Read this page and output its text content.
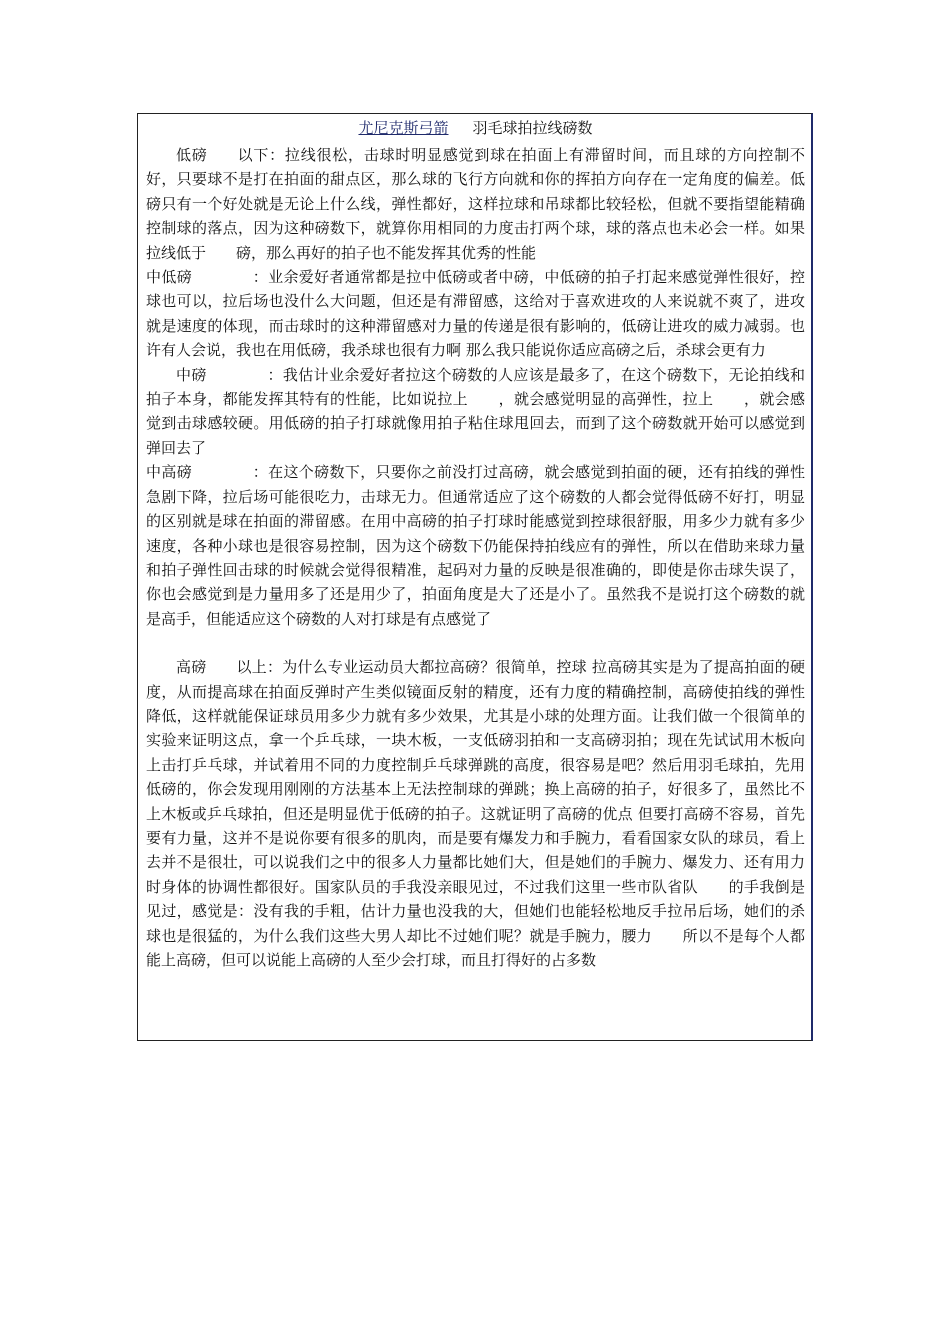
尤尼克斯弓箭 羽毛球拍拉线磅数

低磅 以下：拉线很松，击球时明显感觉到球在拍面上有滞留时间，而且球的方向控制不好，只要球不是打在拍面的甜点区，那么球的飞行方向就和你的挥拍方向存在一定角度的偏差。低磅只有一个好处就是无论上什么线，弹性都好，这样拉球和吊球都比较轻松，但就不要指望能精确控制球的落点，因为这种磅数下，就算你用相同的力度击打两个球，球的落点也未必会一样。如果拉线低于　　磅，那么再好的拍子也不能发挥其优秀的性能

中低磅　　：业余爱好者通常都是拉中低磅或者中磅，中低磅的拍子打起来感觉弹性很好，控球也可以，拉后场也没什么大问题，但还是有滞留感，这给对于喜欢进攻的人来说就不爽了，进攻就是速度的体现，而击球时的这种滞留感对力量的传递是很有影响的，低磅让进攻的威力减弱。也许有人会说，我也在用低磅，我杀球也很有力啊 那么我只能说你适应高磅之后，杀球会更有力

中磅　　：我估计业余爱好者拉这个磅数的人应该是最多了，在这个磅数下，无论拍线和拍子本身，都能发挥其特有的性能，比如说拉上　　，就会感觉明显的高弹性，拉上　　，就会感觉到击球感较硬。用低磅的拍子打球就像用拍子粘住球甩回去，而到了这个磅数就开始可以感觉到弹回去了

中高磅　　：在这个磅数下，只要你之前没打过高磅，就会感觉到拍面的硬，还有拍线的弹性急剧下降，拉后场可能很吃力，击球无力。但通常适应了这个磅数的人都会觉得低磅不好打，明显的区别就是球在拍面的滞留感。在用中高磅的拍子打球时能感觉到控球很舒服，用多少力就有多少速度，各种小球也是很容易控制，因为这个磅数下仍能保持拍线应有的弹性，所以在借助来球力量和拍子弹性回击球的时候就会觉得很精准，起码对力量的反映是很准确的，即使是你击球失误了，你也会感觉到是力量用多了还是用少了，拍面角度是大了还是小了。虽然我不是说打这个磅数的就是高手，但能适应这个磅数的人对打球是有点感觉了

高磅 以上：为什么专业运动员大都拉高磅？很简单，控球 拉高磅其实是为了提高拍面的硬度，从而提高球在拍面反弹时产生类似镜面反射的精度，还有力度的精确控制，高磅使拍线的弹性降低，这样就能保证球员用多少力就有多少效果，尤其是小球的处理方面。让我们做一个很简单的实验来证明这点，拿一个乒乓球，一块木板，一支低磅羽拍和一支高磅羽拍；现在先试试用木板向上击打乒乓球，并试着用不同的力度控制乒乓球弹跳的高度，很容易是吧？然后用羽毛球拍，先用低磅的，你会发现用刚刚的方法基本上无法控制球的弹跳；换上高磅的拍子，好很多了，虽然比不上木板或乒乓球拍，但还是明显优于低磅的拍子。这就证明了高磅的优点 但要打高磅不容易，首先要有力量，这并不是说你要有很多的肌肉，而是要有爆发力和手腕力，看看国家女队的球员，看上去并不是很壮，可以说我们之中的很多人力量都比她们大，但是她们的手腕力、爆发力、还有用力时身体的协调性都很好。国家队员的手我没亲眼见过，不过我们这里一些市队省队　　的手我倒是见过，感觉是：没有我的手粗，估计力量也没我的大，但她们也能轻松地反手拉吊后场，她们的杀球也是很猛的，为什么我们这些大男人却比不过她们呢？就是手腕力，腰力　　所以不是每个人都能上高磅，但可以说能上高磅的人至少会打球，而且打得好的占多数
